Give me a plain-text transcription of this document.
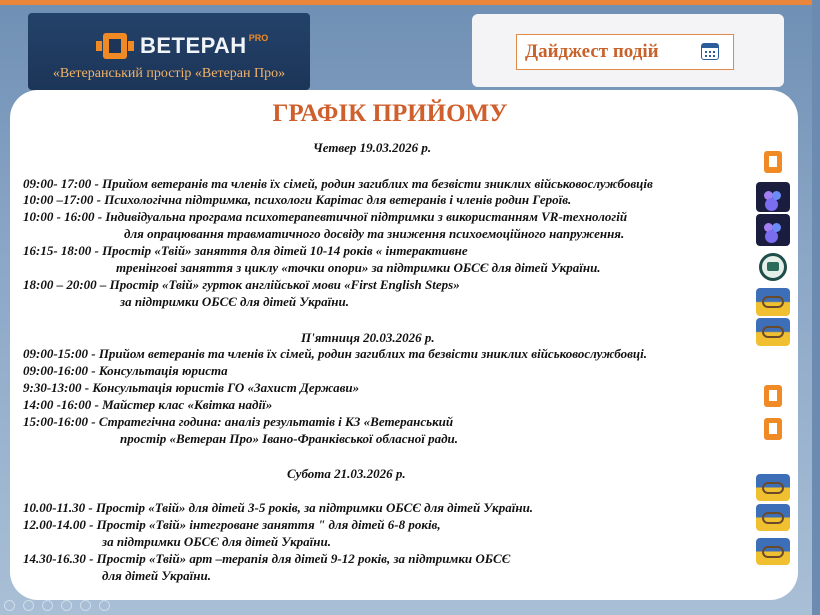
ВЕТЕРАН PRO
«Ветеранський простір «Ветеран Про»
Дайджест подій
ГРАФІК ПРИЙОМУ
Четвер 19.03.2026 р.
09:00- 17:00 - Прийом ветеранів та членів їх сімей, родин загиблих та безвісти зниклих військовослужбовців
10:00 –17:00 - Психологічна підтримка, психологи Карітас для ветеранів і членів родин Героїв.
10:00 - 16:00 - Індивідуальна програма психотерапевтичної підтримки з використанням VR-технологій
для опрацювання травматичного досвіду та зниження психоемоційного напруження.
16:15- 18:00 - Простір «Твій» заняття для дітей 10-14 років « інтерактивне
тренінгові заняття з циклу «точки опори» за підтримки ОБСЄ для дітей України.
18:00 – 20:00 – Простір «Твій» гурток англійської мови «First English Steps»
за підтримки ОБСЄ для дітей України.
П'ятниця 20.03.2026 р.
09:00-15:00 - Прийом ветеранів та членів їх сімей, родин загиблих та безвісти зниклих військовослужбовці.
09:00-16:00 - Консультація юриста
9:30-13:00 - Консультація юристів ГО «Захист Держави»
14:00 -16:00 - Майстер клас «Квітка надії»
15:00-16:00 - Стратегічна година: аналіз результатів і КЗ «Ветеранський
простір «Ветеран Про» Івано-Франківської обласної ради.
Субота 21.03.2026 р.
10.00-11.30 - Простір «Твій» для дітей 3-5 років, за підтримки ОБСЄ для дітей України.
12.00-14.00 - Простір «Твій» інтегроване заняття " для дітей 6-8 років,
за підтримки ОБСЄ для дітей України.
14.30-16.30 - Простір «Твій» арт –терапія для дітей 9-12 років, за підтримки ОБСЄ
для дітей України.
